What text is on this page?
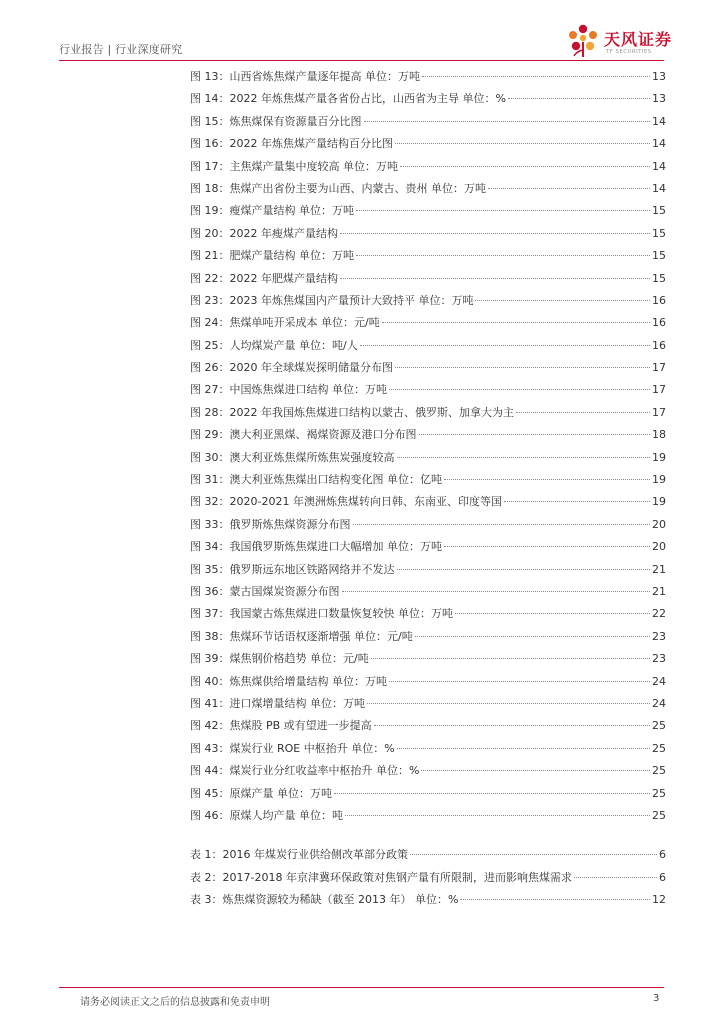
行业报告 | 行业深度研究
天风证券
TF SECURITIES
图 13：山西省炼焦煤产量逐年提高 单位：万吨	13
图 14：2022 年炼焦煤产量各省份占比，山西省为主导 单位：%	13
图 15：炼焦煤保有资源量百分比图	14
图 16：2022 年炼焦煤产量结构百分比图	14
图 17：主焦煤产量集中度较高 单位：万吨	14
图 18：焦煤产出省份主要为山西、内蒙古、贵州 单位：万吨	14
图 19：瘦煤产量结构 单位：万吨	15
图 20：2022 年瘦煤产量结构	15
图 21：肥煤产量结构 单位：万吨	15
图 22：2022 年肥煤产量结构	15
图 23：2023 年炼焦煤国内产量预计大致持平 单位：万吨	16
图 24：焦煤单吨开采成本 单位：元/吨	16
图 25：人均煤炭产量 单位：吨/人	16
图 26：2020 年全球煤炭探明储量分布图	17
图 27：中国炼焦煤进口结构 单位：万吨	17
图 28：2022 年我国炼焦煤进口结构以蒙古、俄罗斯、加拿大为主	17
图 29：澳大利亚黑煤、褐煤资源及港口分布图	18
图 30：澳大利亚炼焦煤所炼焦炭强度较高	19
图 31：澳大利亚炼焦煤出口结构变化图 单位：亿吨	19
图 32：2020-2021 年澳洲炼焦煤转向日韩、东南亚、印度等国	19
图 33：俄罗斯炼焦煤资源分布图	20
图 34：我国俄罗斯炼焦煤进口大幅增加 单位：万吨	20
图 35：俄罗斯远东地区铁路网络并不发达	21
图 36：蒙古国煤炭资源分布图	21
图 37：我国蒙古炼焦煤进口数量恢复较快 单位：万吨	22
图 38：焦煤环节话语权逐渐增强 单位：元/吨	23
图 39：煤焦钢价格趋势 单位：元/吨	23
图 40：炼焦煤供给增量结构 单位：万吨	24
图 41：进口煤增量结构 单位：万吨	24
图 42：焦煤股 PB 或有望进一步提高	25
图 43：煤炭行业 ROE 中枢抬升 单位：%	25
图 44：煤炭行业分红收益率中枢抬升 单位：%	25
图 45：原煤产量 单位：万吨	25
图 46：原煤人均产量 单位：吨	25
表 1：2016 年煤炭行业供给侧改革部分政策	6
表 2：2017-2018 年京津冀环保政策对焦钢产量有所限制，进而影响焦煤需求	6
表 3：炼焦煤资源较为稀缺（截至 2013 年） 单位：%	12
请务必阅读正文之后的信息披露和免责申明	3
